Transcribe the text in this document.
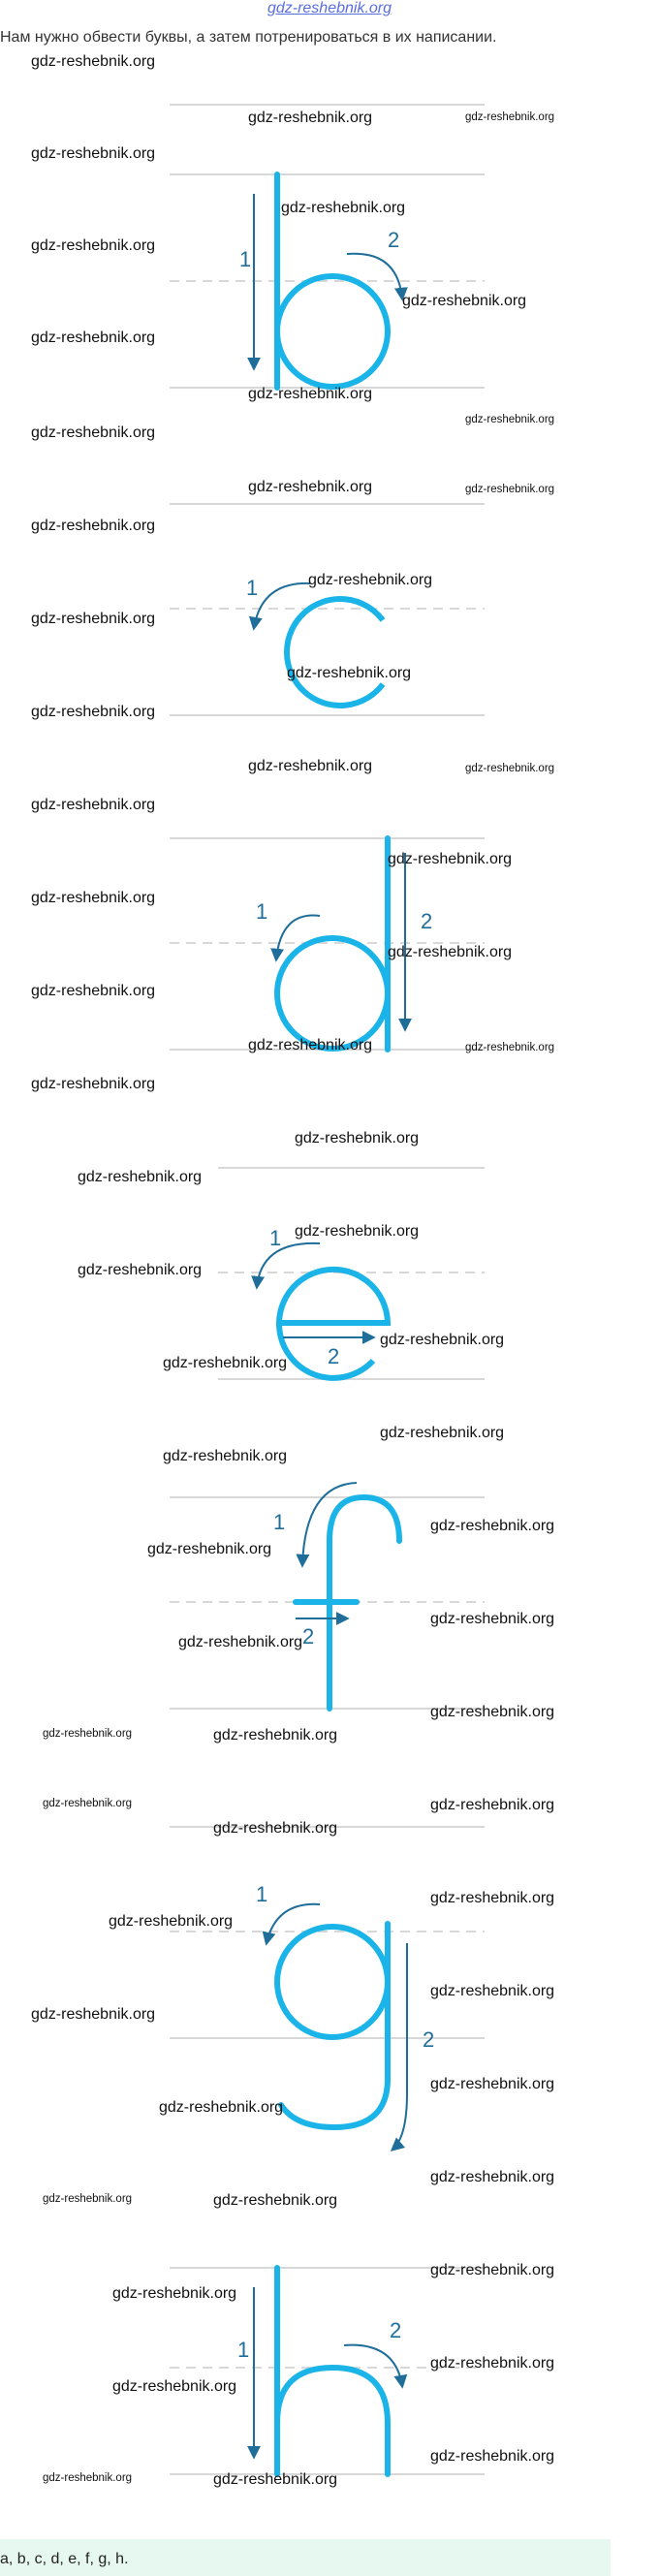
gdz-reshebnik.org
Нам нужно обвести буквы, а затем потренироваться в их написании.
1
2
1
1	2
1
2
1
2
1
2
1
2
gdz-reshebnik.org
gdz-reshebnik.org
gdz-reshebnik.org
gdz-reshebnik.org
gdz-reshebnik.org
gdz-reshebnik.org
gdz-reshebnik.org
gdz-reshebnik.org
gdz-reshebnik.org
gdz-reshebnik.org
gdz-reshebnik.org
gdz-reshebnik.org
gdz-reshebnik.org
gdz-reshebnik.org
gdz-reshebnik.org
gdz-reshebnik.org
gdz-reshebnik.org
gdz-reshebnik.org
gdz-reshebnik.org
gdz-reshebnik.org
gdz-reshebnik.org
gdz-reshebnik.org
gdz-reshebnik.org
gdz-reshebnik.org
gdz-reshebnik.org
gdz-reshebnik.org
gdz-reshebnik.org
gdz-reshebnik.org
gdz-reshebnik.org
gdz-reshebnik.org
gdz-reshebnik.org
gdz-reshebnik.org
gdz-reshebnik.org
gdz-reshebnik.org
gdz-reshebnik.org
gdz-reshebnik.org
gdz-reshebnik.org
gdz-reshebnik.org
gdz-reshebnik.org
gdz-reshebnik.org
gdz-reshebnik.org
gdz-reshebnik.org
gdz-reshebnik.org
gdz-reshebnik.org
gdz-reshebnik.org
gdz-reshebnik.org
gdz-reshebnik.org
gdz-reshebnik.org
gdz-reshebnik.org
gdz-reshebnik.org
gdz-reshebnik.org
gdz-reshebnik.org
gdz-reshebnik.org
gdz-reshebnik.org
gdz-reshebnik.org
gdz-reshebnik.org
gdz-reshebnik.org
gdz-reshebnik.org
gdz-reshebnik.org
gdz-reshebnik.org
gdz-reshebnik.org
gdz-reshebnik.org
a, b, c, d, e, f, g, h.
